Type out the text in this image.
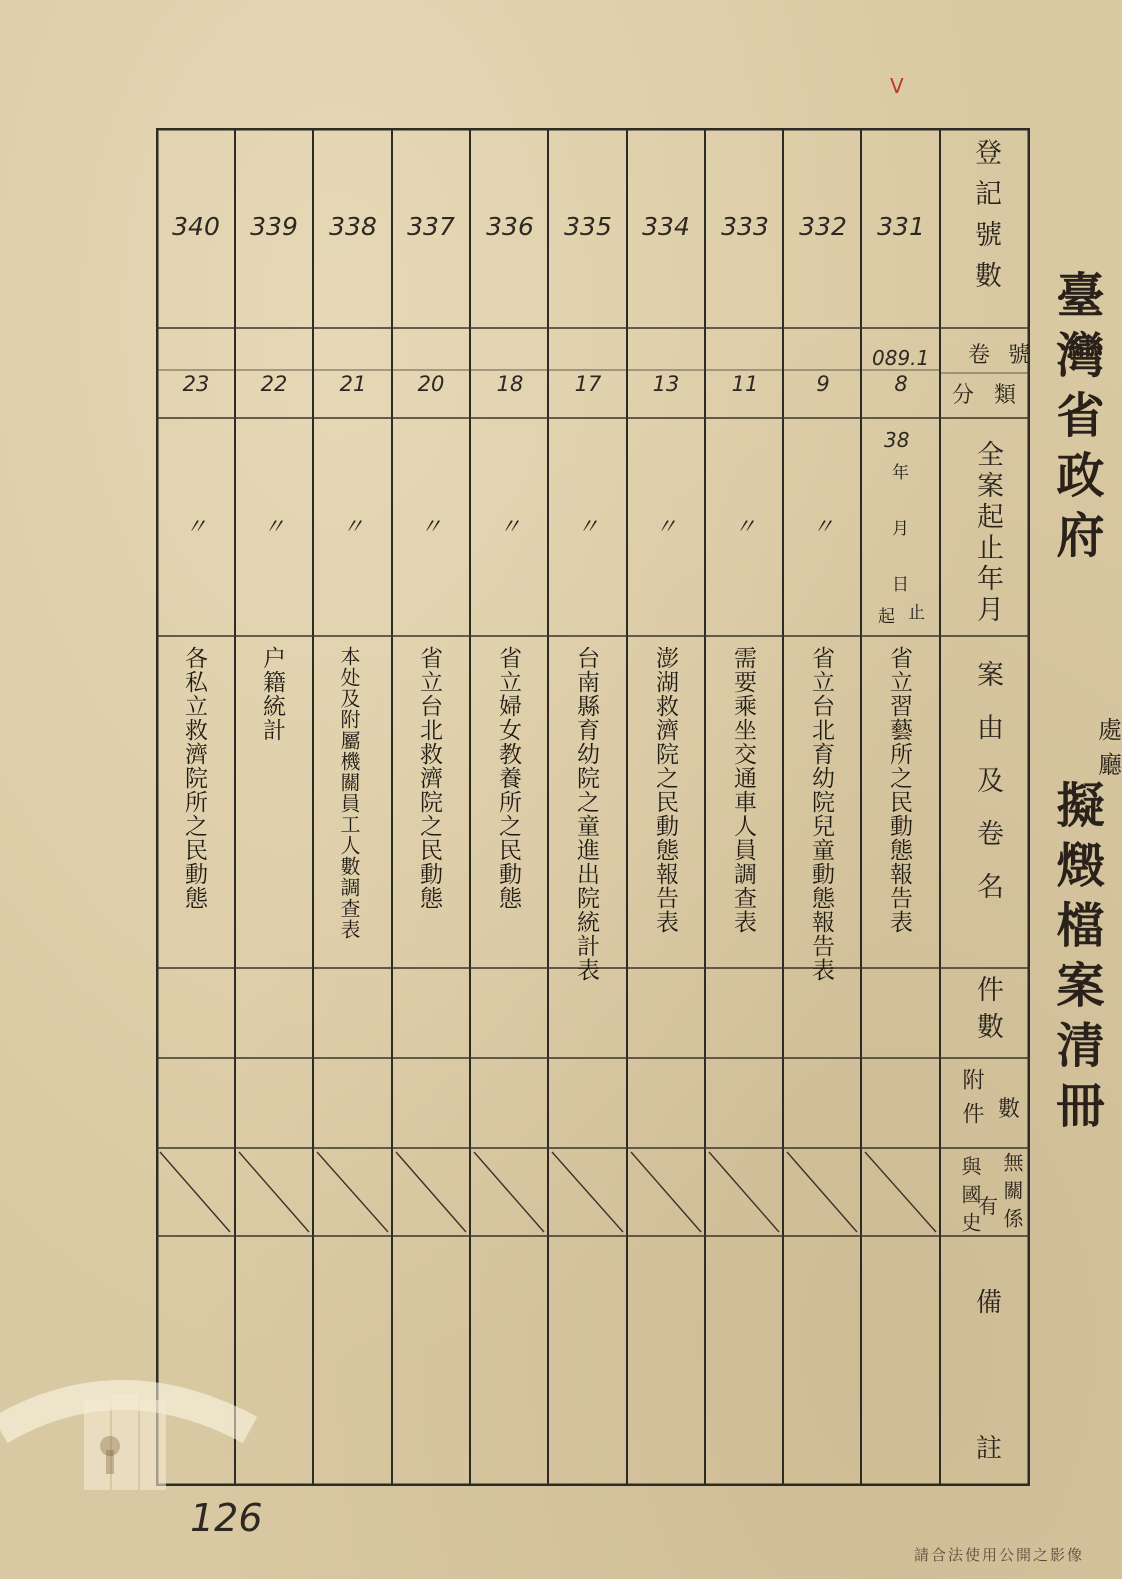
V
登記號數
卷號
分類
全案起止年月
案由及卷名
件數
數
附件
無關係
有
與國史
備
註
臺灣省政府
處廳
擬燬檔案清冊
331
089.1
8
38
年
月
日
起 止
省立習藝所之民動態報告表
332
9
〃
省立台北育幼院兒童動態報告表
333
11
〃
需要乘坐交通車人員調查表
334
13
〃
澎湖救濟院之民動態報告表
335
17
〃
台南縣育幼院之童進出院統計表
336
18
〃
省立婦女教養所之民動態
337
20
〃
省立台北救濟院之民動態
338
21
〃
本处及附屬機關員工人數調查表
339
22
〃
户籍統計
340
23
〃
各私立救濟院所之民動態
126
請合法使用公開之影像
